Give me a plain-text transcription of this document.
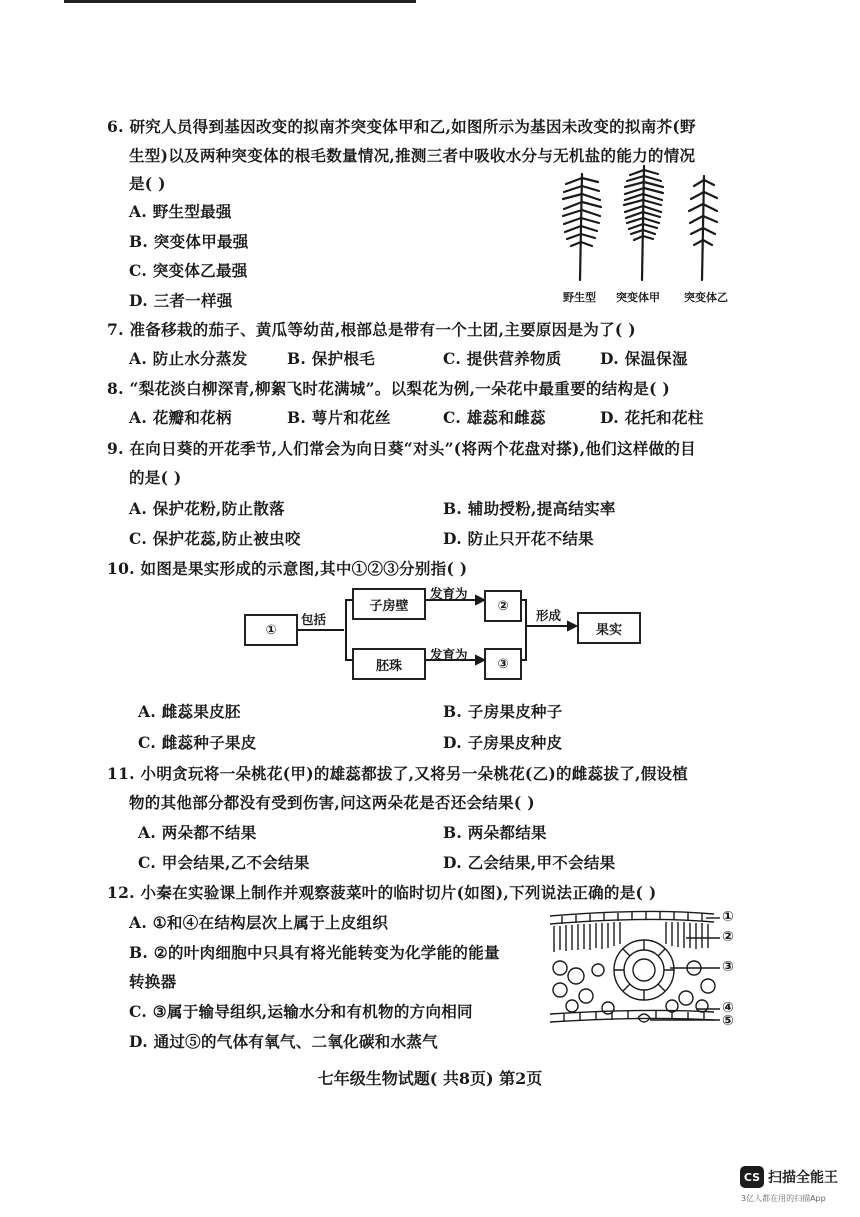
6. 研究人员得到基因改变的拟南芥突变体甲和乙,如图所示为基因未改变的拟南芥(野
生型)以及两种突变体的根毛数量情况,推测三者中吸收水分与无机盐的能力的情况
是( )
A. 野生型最强
B. 突变体甲最强
C. 突变体乙最强
D. 三者一样强	野生型 突变体甲 突变体乙
7. 准备移栽的茄子、黄瓜等幼苗,根部总是带有一个土团,主要原因是为了( )
A. 防止水分蒸发	B. 保护根毛	C. 提供营养物质 D. 保温保湿
8. “梨花淡白柳深青,柳絮飞时花满城”。以梨花为例,一朵花中最重要的结构是( )
A. 花瓣和花柄	B. 萼片和花丝	C. 雄蕊和雌蕊	D. 花托和花柱
9. 在向日葵的开花季节,人们常会为向日葵“对头”(将两个花盘对搽),他们这样做的目
的是( )
A. 保护花粉,防止散落	B. 辅助授粉,提高结实率
C. 保护花蕊,防止被虫咬	D. 防止只开花不结果
10. 如图是果实形成的示意图,其中①②③分别指( )
①
包括
子房壁
胚珠
发育为
发育为
②
③
形成
果实
A. 雌蕊果皮胚	B. 子房果皮种子
C. 雌蕊种子果皮	D. 子房果皮种皮
11. 小明贪玩将一朵桃花(甲)的雄蕊都拔了,又将另一朵桃花(乙)的雌蕊拔了,假设植
物的其他部分都没有受到伤害,问这两朵花是否还会结果( )
A. 两朵都不结果	B. 两朵都结果
C. 甲会结果,乙不会结果	D. 乙会结果,甲不会结果
12. 小秦在实验课上制作并观察菠菜叶的临时切片(如图),下列说法正确的是( )
A. ①和④在结构层次上属于上皮组织
B. ②的叶肉细胞中只具有将光能转变为化学能的能量
转换器
C. ③属于输导组织,运输水分和有机物的方向相同
D. 通过⑤的气体有氧气、二氧化碳和水蒸气
①
②
③
④
⑤
七年级生物试题( 共8页) 第2页
CS 扫描全能王
3亿人都在用的扫描App
